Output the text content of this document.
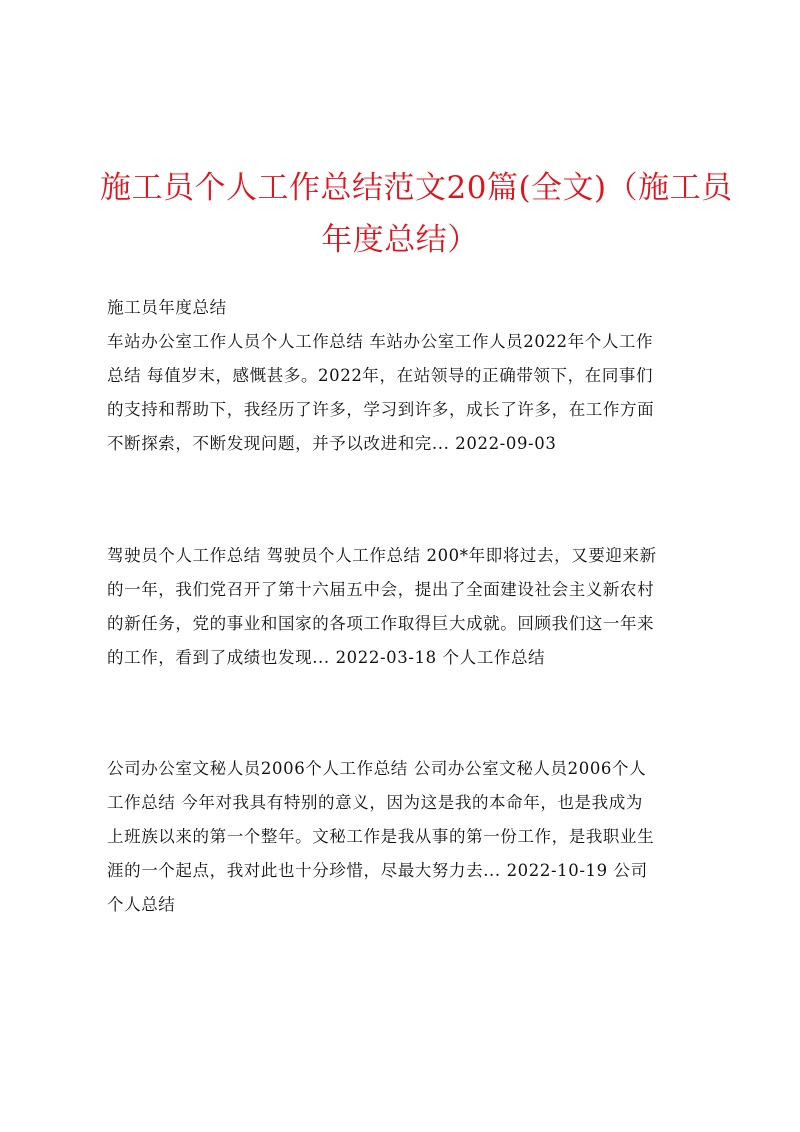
施工员个人工作总结范文20篇(全文)（施工员
年度总结）
施工员年度总结
车站办公室工作人员个人工作总结 车站办公室工作人员2022年个人工作
总结 每值岁末，感慨甚多。2022年，在站领导的正确带领下，在同事们
的支持和帮助下，我经历了许多，学习到许多，成长了许多，在工作方面
不断探索，不断发现问题，并予以改进和完... 2022-09-03
驾驶员个人工作总结 驾驶员个人工作总结 200*年即将过去，又要迎来新
的一年，我们党召开了第十六届五中会，提出了全面建设社会主义新农村
的新任务，党的事业和国家的各项工作取得巨大成就。回顾我们这一年来
的工作，看到了成绩也发现... 2022-03-18 个人工作总结
公司办公室文秘人员2006个人工作总结 公司办公室文秘人员2006个人
工作总结 今年对我具有特别的意义，因为这是我的本命年，也是我成为
上班族以来的第一个整年。文秘工作是我从事的第一份工作，是我职业生
涯的一个起点，我对此也十分珍惜，尽最大努力去... 2022-10-19 公司
个人总结
